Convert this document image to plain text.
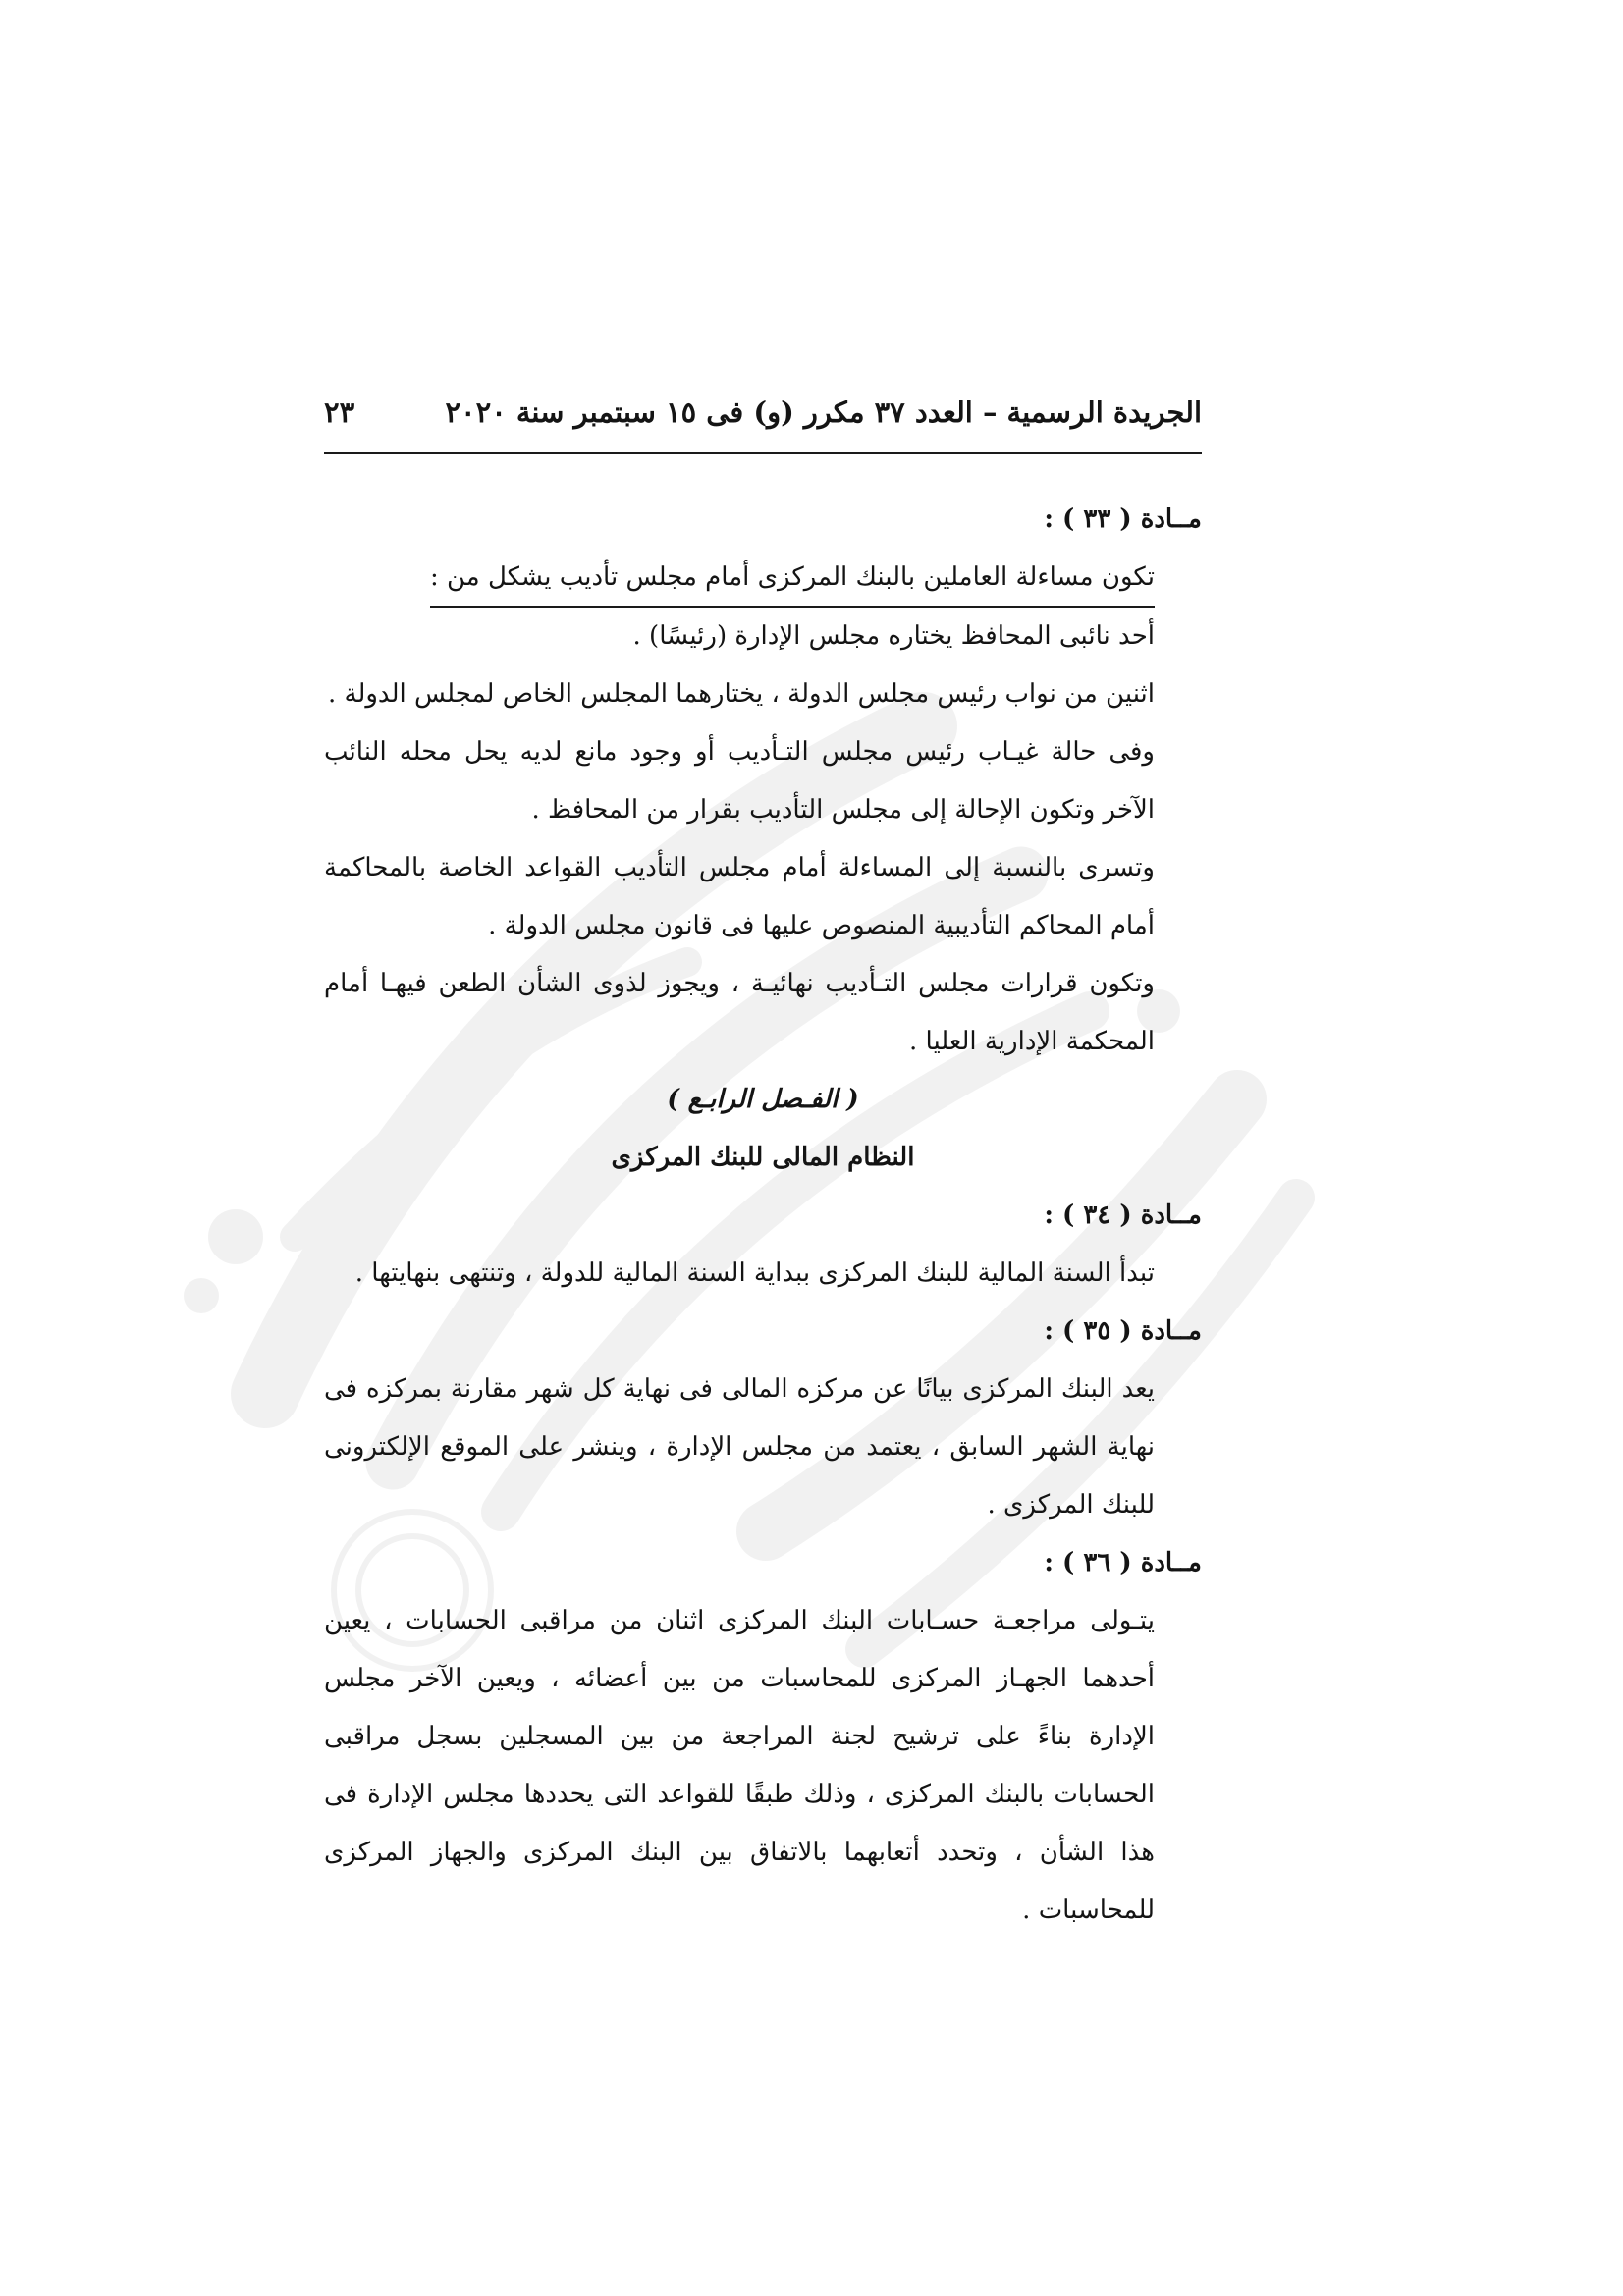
الجريدة الرسمية – العدد ٣٧ مكرر (و) فى ١٥ سبتمبر سنة ٢٠٢٠
٢٣

مــادة ( ٣٣ ) :

تكون مساءلة العاملين بالبنك المركزى أمام مجلس تأديب يشكل من :

أحد نائبى المحافظ يختاره مجلس الإدارة (رئيسًا) .

اثنين من نواب رئيس مجلس الدولة ، يختارهما المجلس الخاص لمجلس الدولة .

وفى حالة غيـاب رئيس مجلس التـأديب أو وجود مانع لديه يحل محله النائب الآخر وتكون الإحالة إلى مجلس التأديب بقرار من المحافظ .

وتسرى بالنسبة إلى المساءلة أمام مجلس التأديب القواعد الخاصة بالمحاكمة أمام المحاكم التأديبية المنصوص عليها فى قانون مجلس الدولة .

وتكون قرارات مجلس التـأديب نهائيـة ، ويجوز لذوى الشأن الطعن فيهـا أمام المحكمة الإدارية العليا .

( الفـصل الرابـع )

النظام المالى للبنك المركزى

مــادة ( ٣٤ ) :

تبدأ السنة المالية للبنك المركزى ببداية السنة المالية للدولة ، وتنتهى بنهايتها .

مــادة ( ٣٥ ) :

يعد البنك المركزى بيانًا عن مركزه المالى فى نهاية كل شهر مقارنة بمركزه فى نهاية الشهر السابق ، يعتمد من مجلس الإدارة ، وينشر على الموقع الإلكترونى للبنك المركزى .

مــادة ( ٣٦ ) :

يتـولى مراجعـة حسـابات البنك المركزى اثنان من مراقبى الحسابات ، يعين أحدهما الجهـاز المركزى للمحاسبات من بين أعضائه ، ويعين الآخر مجلس الإدارة بناءً على ترشيح لجنة المراجعة من بين المسجلين بسجل مراقبى الحسابات بالبنك المركزى ، وذلك طبقًا للقواعد التى يحددها مجلس الإدارة فى هذا الشأن ، وتحدد أتعابهما بالاتفاق بين البنك المركزى والجهاز المركزى للمحاسبات .
